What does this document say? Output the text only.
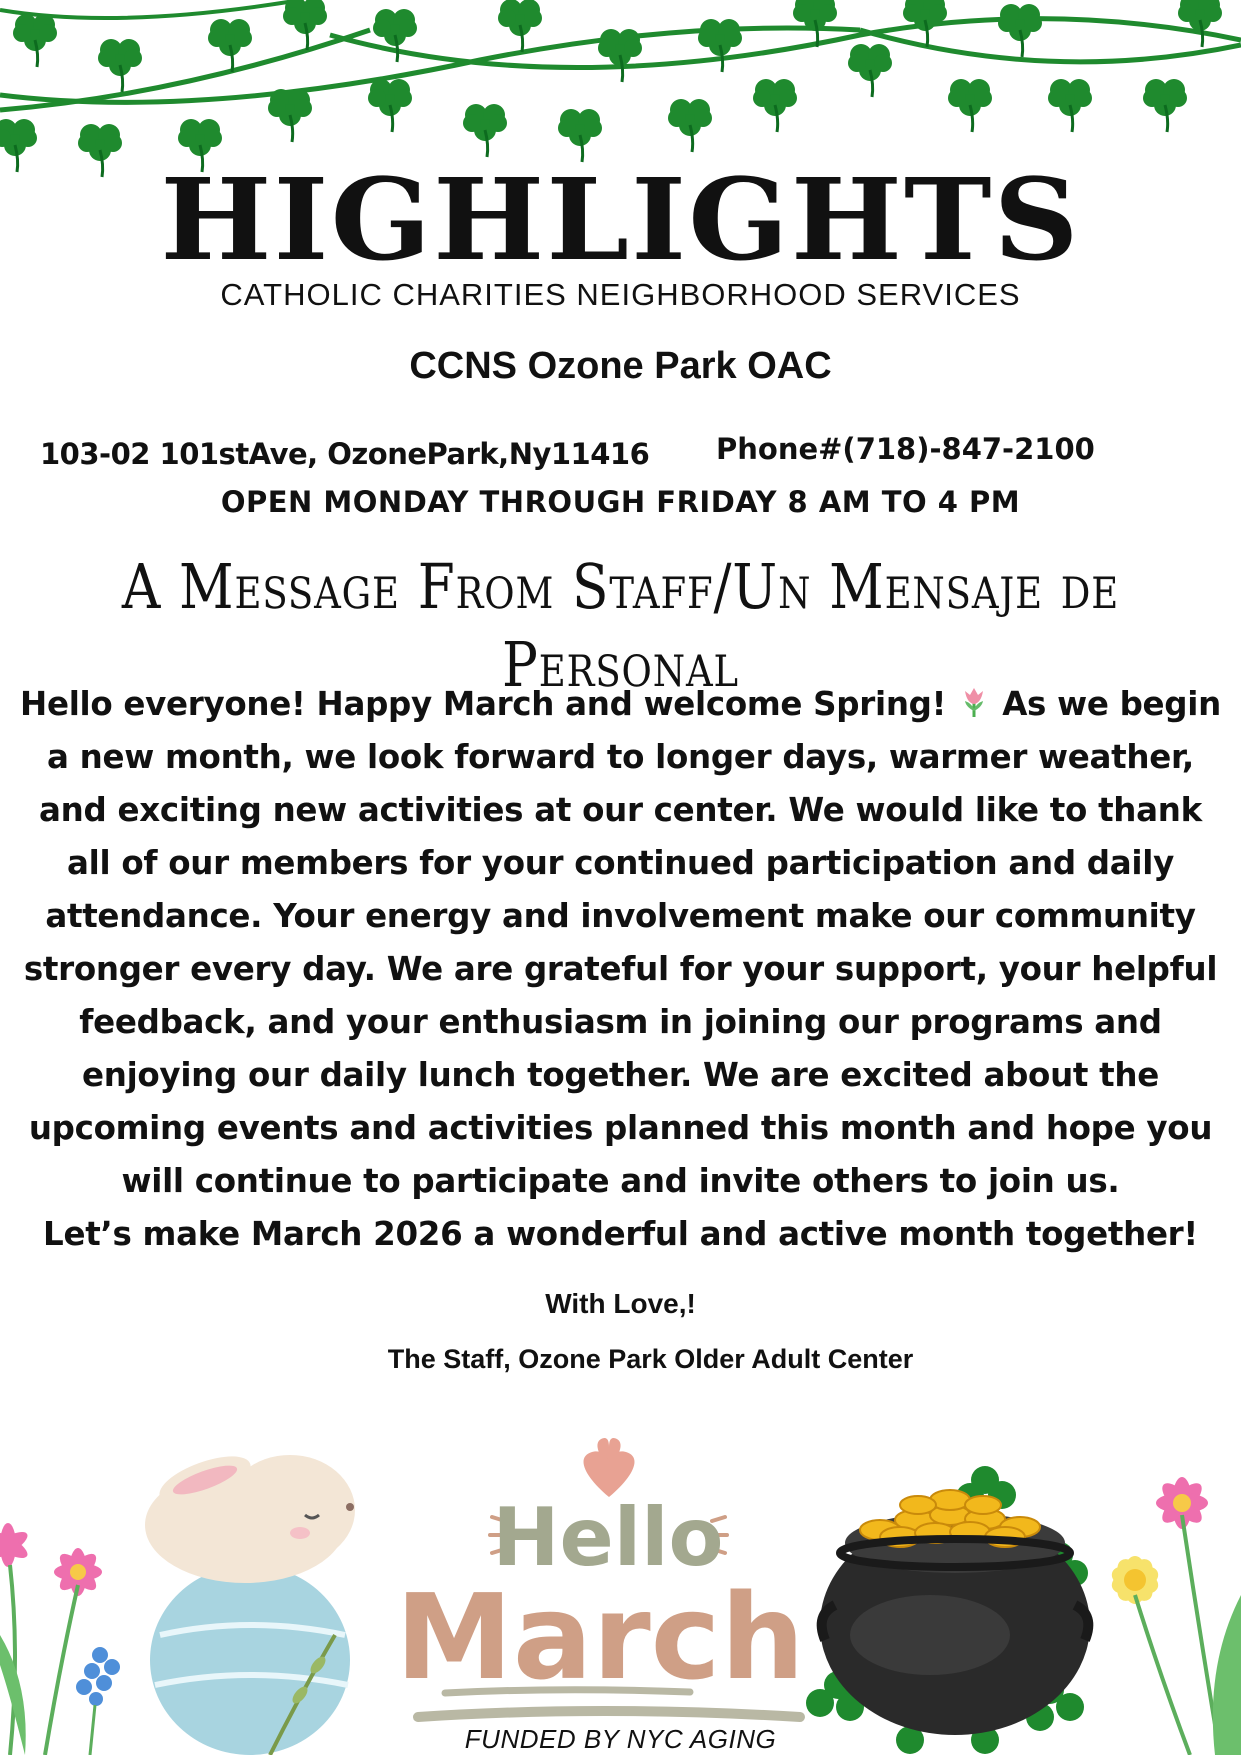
HIGHLIGHTS
CATHOLIC CHARITIES NEIGHBORHOOD SERVICES
CCNS Ozone Park OAC
103-02 101stAve, OzonePark,Ny11416 Phone#(718)-847-2100
OPEN MONDAY THROUGH FRIDAY 8 AM TO 4 PM
A Message From Staff/Un Mensaje de Personal

Hello everyone! Happy March and welcome Spring! As we begin a new month, we look forward to longer days, warmer weather, and exciting new activities at our center. We would like to thank all of our members for your continued participation and daily attendance. Your energy and involvement make our community stronger every day. We are grateful for your support, your helpful feedback, and your enthusiasm in joining our programs and enjoying our daily lunch together. We are excited about the upcoming events and activities planned this month and hope you will continue to participate and invite others to join us.

Let’s make March 2026 a wonderful and active month together!

With Love,!
The Staff, Ozone Park Older Adult Center
Hello
March
FUNDED BY NYC AGING
